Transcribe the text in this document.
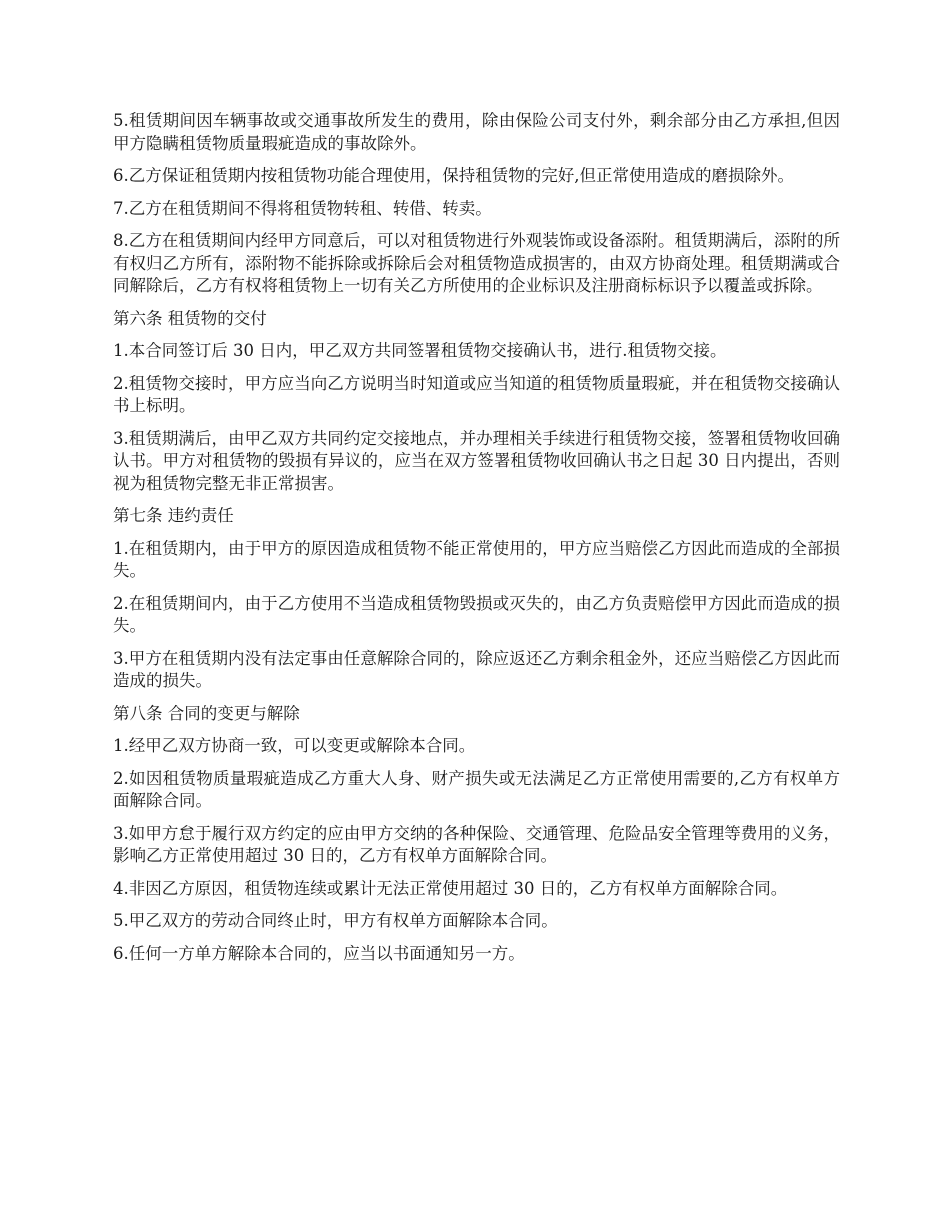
5.租赁期间因车辆事故或交通事故所发生的费用，除由保险公司支付外，剩余部分由乙方承担,但因甲方隐瞒租赁物质量瑕疵造成的事故除外。

6.乙方保证租赁期内按租赁物功能合理使用，保持租赁物的完好,但正常使用造成的磨损除外。

7.乙方在租赁期间不得将租赁物转租、转借、转卖。

8.乙方在租赁期间内经甲方同意后，可以对租赁物进行外观装饰或设备添附。租赁期满后，添附的所有权归乙方所有，添附物不能拆除或拆除后会对租赁物造成损害的，由双方协商处理。租赁期满或合同解除后，乙方有权将租赁物上一切有关乙方所使用的企业标识及注册商标标识予以覆盖或拆除。

第六条 租赁物的交付

1.本合同签订后 30 日内，甲乙双方共同签署租赁物交接确认书，进行.租赁物交接。

2.租赁物交接时，甲方应当向乙方说明当时知道或应当知道的租赁物质量瑕疵，并在租赁物交接确认书上标明。

3.租赁期满后，由甲乙双方共同约定交接地点，并办理相关手续进行租赁物交接，签署租赁物收回确认书。甲方对租赁物的毁损有异议的，应当在双方签署租赁物收回确认书之日起 30 日内提出，否则视为租赁物完整无非正常损害。

第七条 违约责任

1.在租赁期内，由于甲方的原因造成租赁物不能正常使用的，甲方应当赔偿乙方因此而造成的全部损失。

2.在租赁期间内，由于乙方使用不当造成租赁物毁损或灭失的，由乙方负责赔偿甲方因此而造成的损失。

3.甲方在租赁期内没有法定事由任意解除合同的，除应返还乙方剩余租金外，还应当赔偿乙方因此而造成的损失。

第八条 合同的变更与解除

1.经甲乙双方协商一致，可以变更或解除本合同。

2.如因租赁物质量瑕疵造成乙方重大人身、财产损失或无法满足乙方正常使用需要的,乙方有权单方面解除合同。

3.如甲方怠于履行双方约定的应由甲方交纳的各种保险、交通管理、危险品安全管理等费用的义务，影响乙方正常使用超过 30 日的，乙方有权单方面解除合同。

4.非因乙方原因，租赁物连续或累计无法正常使用超过 30 日的，乙方有权单方面解除合同。

5.甲乙双方的劳动合同终止时，甲方有权单方面解除本合同。

6.任何一方单方解除本合同的，应当以书面通知另一方。
